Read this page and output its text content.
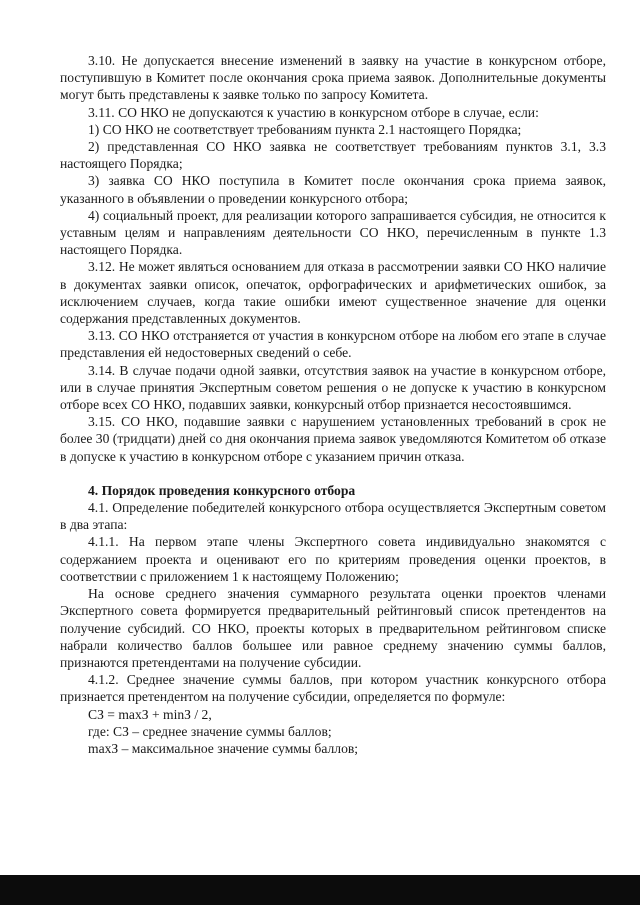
3.10. Не допускается внесение изменений в заявку на участие в конкурсном отборе, поступившую в Комитет после окончания срока приема заявок. Дополнительные документы могут быть представлены к заявке только по запросу Комитета.

3.11. СО НКО не допускаются к участию в конкурсном отборе в случае, если:

1) СО НКО не соответствует требованиям пункта 2.1 настоящего Порядка;

2) представленная СО НКО заявка не соответствует требованиям пунктов 3.1, 3.3 настоящего Порядка;

3) заявка СО НКО поступила в Комитет после окончания срока приема заявок, указанного в объявлении о проведении конкурсного отбора;

4) социальный проект, для реализации которого запрашивается субсидия, не относится к уставным целям и направлениям деятельности СО НКО, перечисленным в пункте 1.3 настоящего Порядка.

3.12. Не может являться основанием для отказа в рассмотрении заявки СО НКО наличие в документах заявки описок, опечаток, орфографических и арифметических ошибок, за исключением случаев, когда такие ошибки имеют существенное значение для оценки содержания представленных документов.

3.13. СО НКО отстраняется от участия в конкурсном отборе на любом его этапе в случае представления ей недостоверных сведений о себе.

3.14. В случае подачи одной заявки, отсутствия заявок на участие в конкурсном отборе, или в случае принятия Экспертным советом решения о не допуске к участию в конкурсном отборе всех СО НКО, подавших заявки, конкурсный отбор признается несостоявшимся.

3.15. СО НКО, подавшие заявки с нарушением установленных требований в срок не более 30 (тридцати) дней со дня окончания приема заявок уведомляются Комитетом об отказе в допуске к участию в конкурсном отборе с указанием причин отказа.

4. Порядок проведения конкурсного отбора

4.1. Определение победителей конкурсного отбора осуществляется Экспертным советом в два этапа:

4.1.1. На первом этапе члены Экспертного совета индивидуально знакомятся с содержанием проекта и оценивают его по критериям проведения оценки проектов, в соответствии с приложением 1 к настоящему Положению;

На основе среднего значения суммарного результата оценки проектов членами Экспертного совета формируется предварительный рейтинговый список претендентов на получение субсидий. СО НКО, проекты которых в предварительном рейтинговом списке набрали количество баллов большее или равное среднему значению суммы баллов, признаются претендентами на получение субсидии.

4.1.2. Среднее значение суммы баллов, при котором участник конкурсного отбора признается претендентом на получение субсидии, определяется по формуле:

СЗ = maxЗ + minЗ / 2,

где: СЗ – среднее значение суммы баллов;

maxЗ – максимальное значение суммы баллов;
